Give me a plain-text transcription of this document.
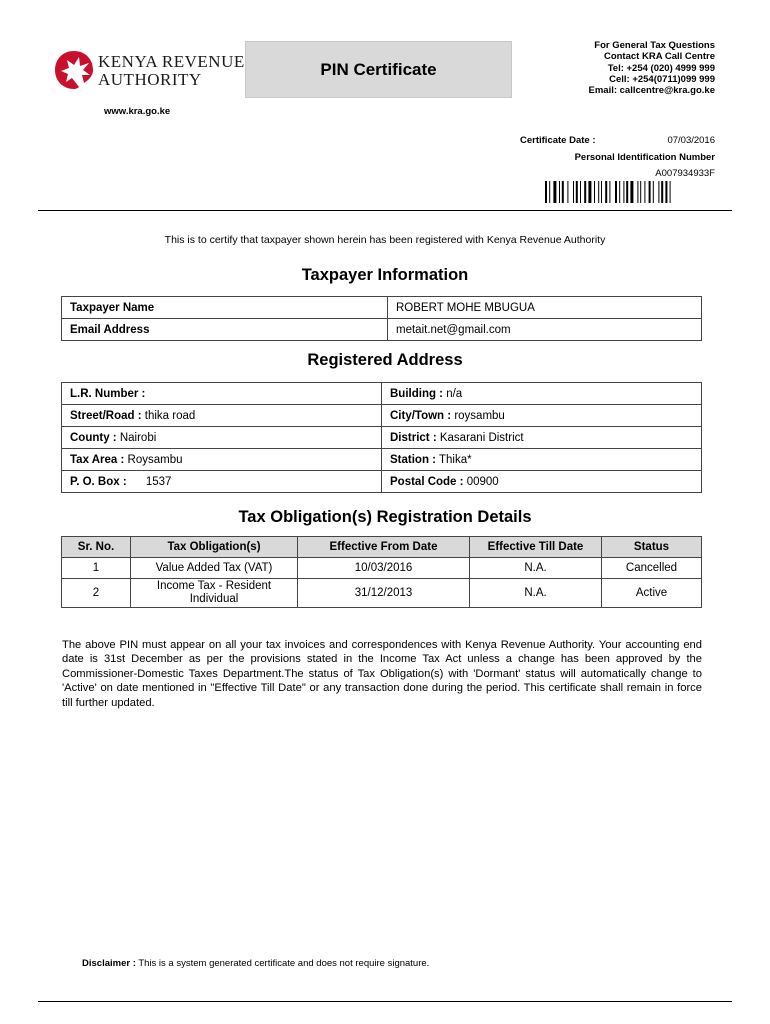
KENYA REVENUE
AUTHORITY
PIN Certificate
For General Tax Questions
Contact KRA Call Centre
Tel: +254 (020) 4999 999
Cell: +254(0711)099 999
Email: callcentre@kra.go.ke
www.kra.go.ke
Certificate Date :	07/03/2016
Personal Identification Number
A007934933F
This is to certify that taxpayer shown herein has been registered with Kenya Revenue Authority
Taxpayer Information
Taxpayer Name	ROBERT MOHE MBUGUA
Email Address	metait.net@gmail.com
Registered Address
L.R. Number :	Building : n/a
Street/Road : thika road	City/Town : roysambu
County : Nairobi	District : Kasarani District
Tax Area : Roysambu	Station : Thika*
P. O. Box : 1537	Postal Code : 00900
Tax Obligation(s) Registration Details
Sr. No.	Tax Obligation(s)	Effective From Date	Effective Till Date	Status
1	Value Added Tax (VAT)	10/03/2016	N.A.	Cancelled
2	Income Tax - Resident Individual	31/12/2013	N.A.	Active
The above PIN must appear on all your tax invoices and correspondences with Kenya Revenue Authority. Your accounting end date is 31st December as per the provisions stated in the Income Tax Act unless a change has been approved by the Commissioner-Domestic Taxes Department.The status of Tax Obligation(s) with 'Dormant' status will automatically change to 'Active' on date mentioned in "Effective Till Date" or any transaction done during the period. This certificate shall remain in force till further updated.
Disclaimer : This is a system generated certificate and does not require signature.
